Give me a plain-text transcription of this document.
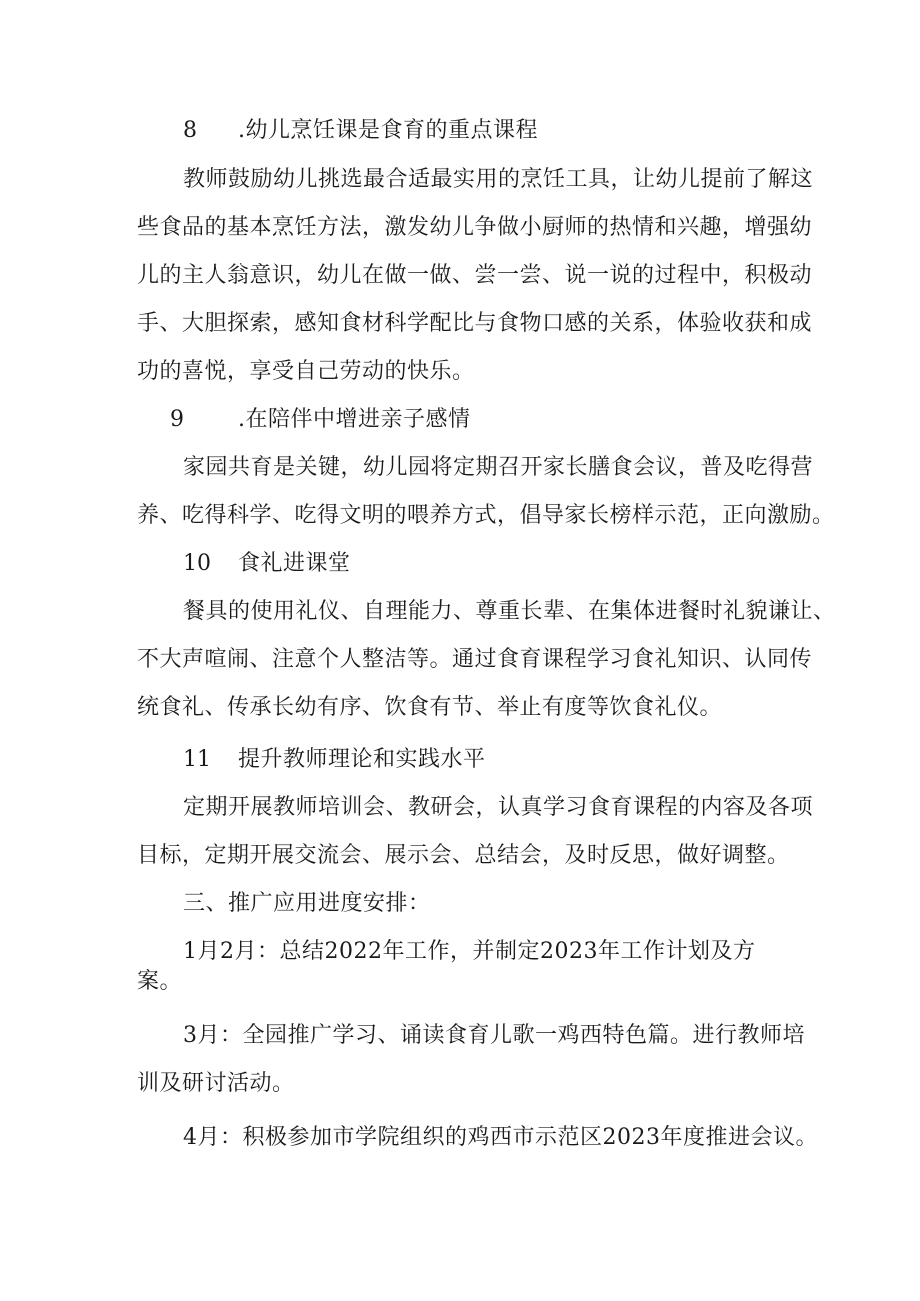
8 .幼儿烹饪课是食育的重点课程
教师鼓励幼儿挑选最合适最实用的烹饪工具，让幼儿提前了解这
些食品的基本烹饪方法，激发幼儿争做小厨师的热情和兴趣，增强幼
儿的主人翁意识，幼儿在做一做、尝一尝、说一说的过程中，积极动
手、大胆探索，感知食材科学配比与食物口感的关系，体验收获和成
功的喜悦，享受自己劳动的快乐。
9 .在陪伴中增进亲子感情
家园共育是关键，幼儿园将定期召开家长膳食会议，普及吃得营
养、吃得科学、吃得文明的喂养方式，倡导家长榜样示范，正向激励。
10 食礼进课堂
餐具的使用礼仪、自理能力、尊重长辈、在集体进餐时礼貌谦让、
不大声喧闹、注意个人整洁等。通过食育课程学习食礼知识、认同传
统食礼、传承长幼有序、饮食有节、举止有度等饮食礼仪。
11 提升教师理论和实践水平
定期开展教师培训会、教研会，认真学习食育课程的内容及各项
目标，定期开展交流会、展示会、总结会，及时反思，做好调整。
三、推广应用进度安排：
1月2月：总结2022年工作，并制定2023年工作计划及方
案。
3月：全园推广学习、诵读食育儿歌一鸡西特色篇。进行教师培
训及研讨活动。
4月：积极参加市学院组织的鸡西市示范区2023年度推进会议。
